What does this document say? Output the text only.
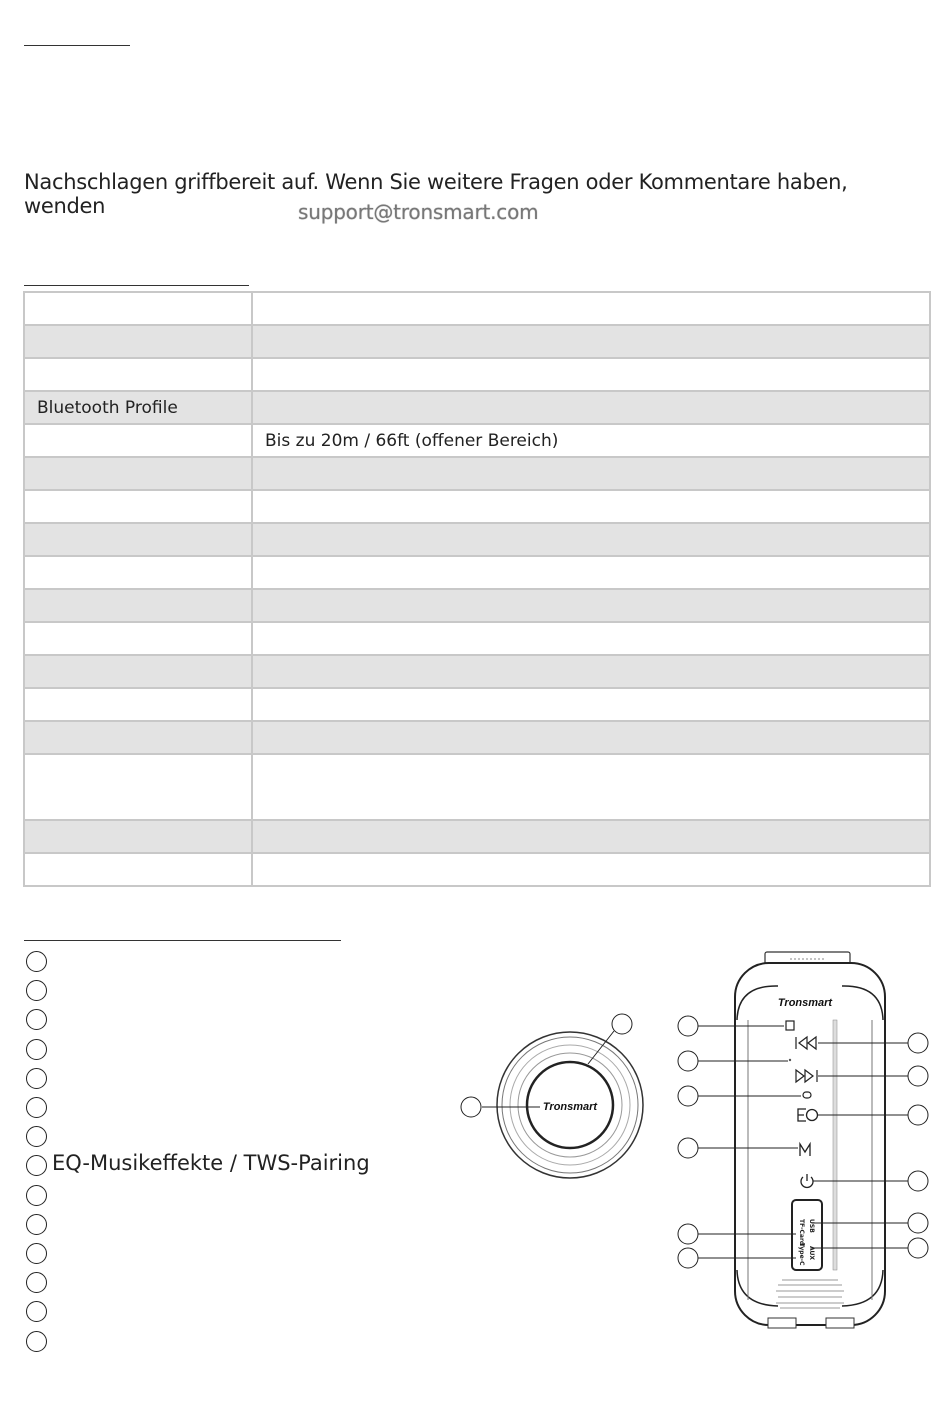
Nachschlagen griffbereit auf. Wenn Sie weitere Fragen oder Kommentare haben, wenden	support@tronsmart.com

Bluetooth Profile	
	Bis zu 20m / 66ft (offener Bereich)

EQ-Musikeffekte / TWS-Pairing
Tronsmart
Tronsmart
USB
AUX
TF-Card
Type-C
